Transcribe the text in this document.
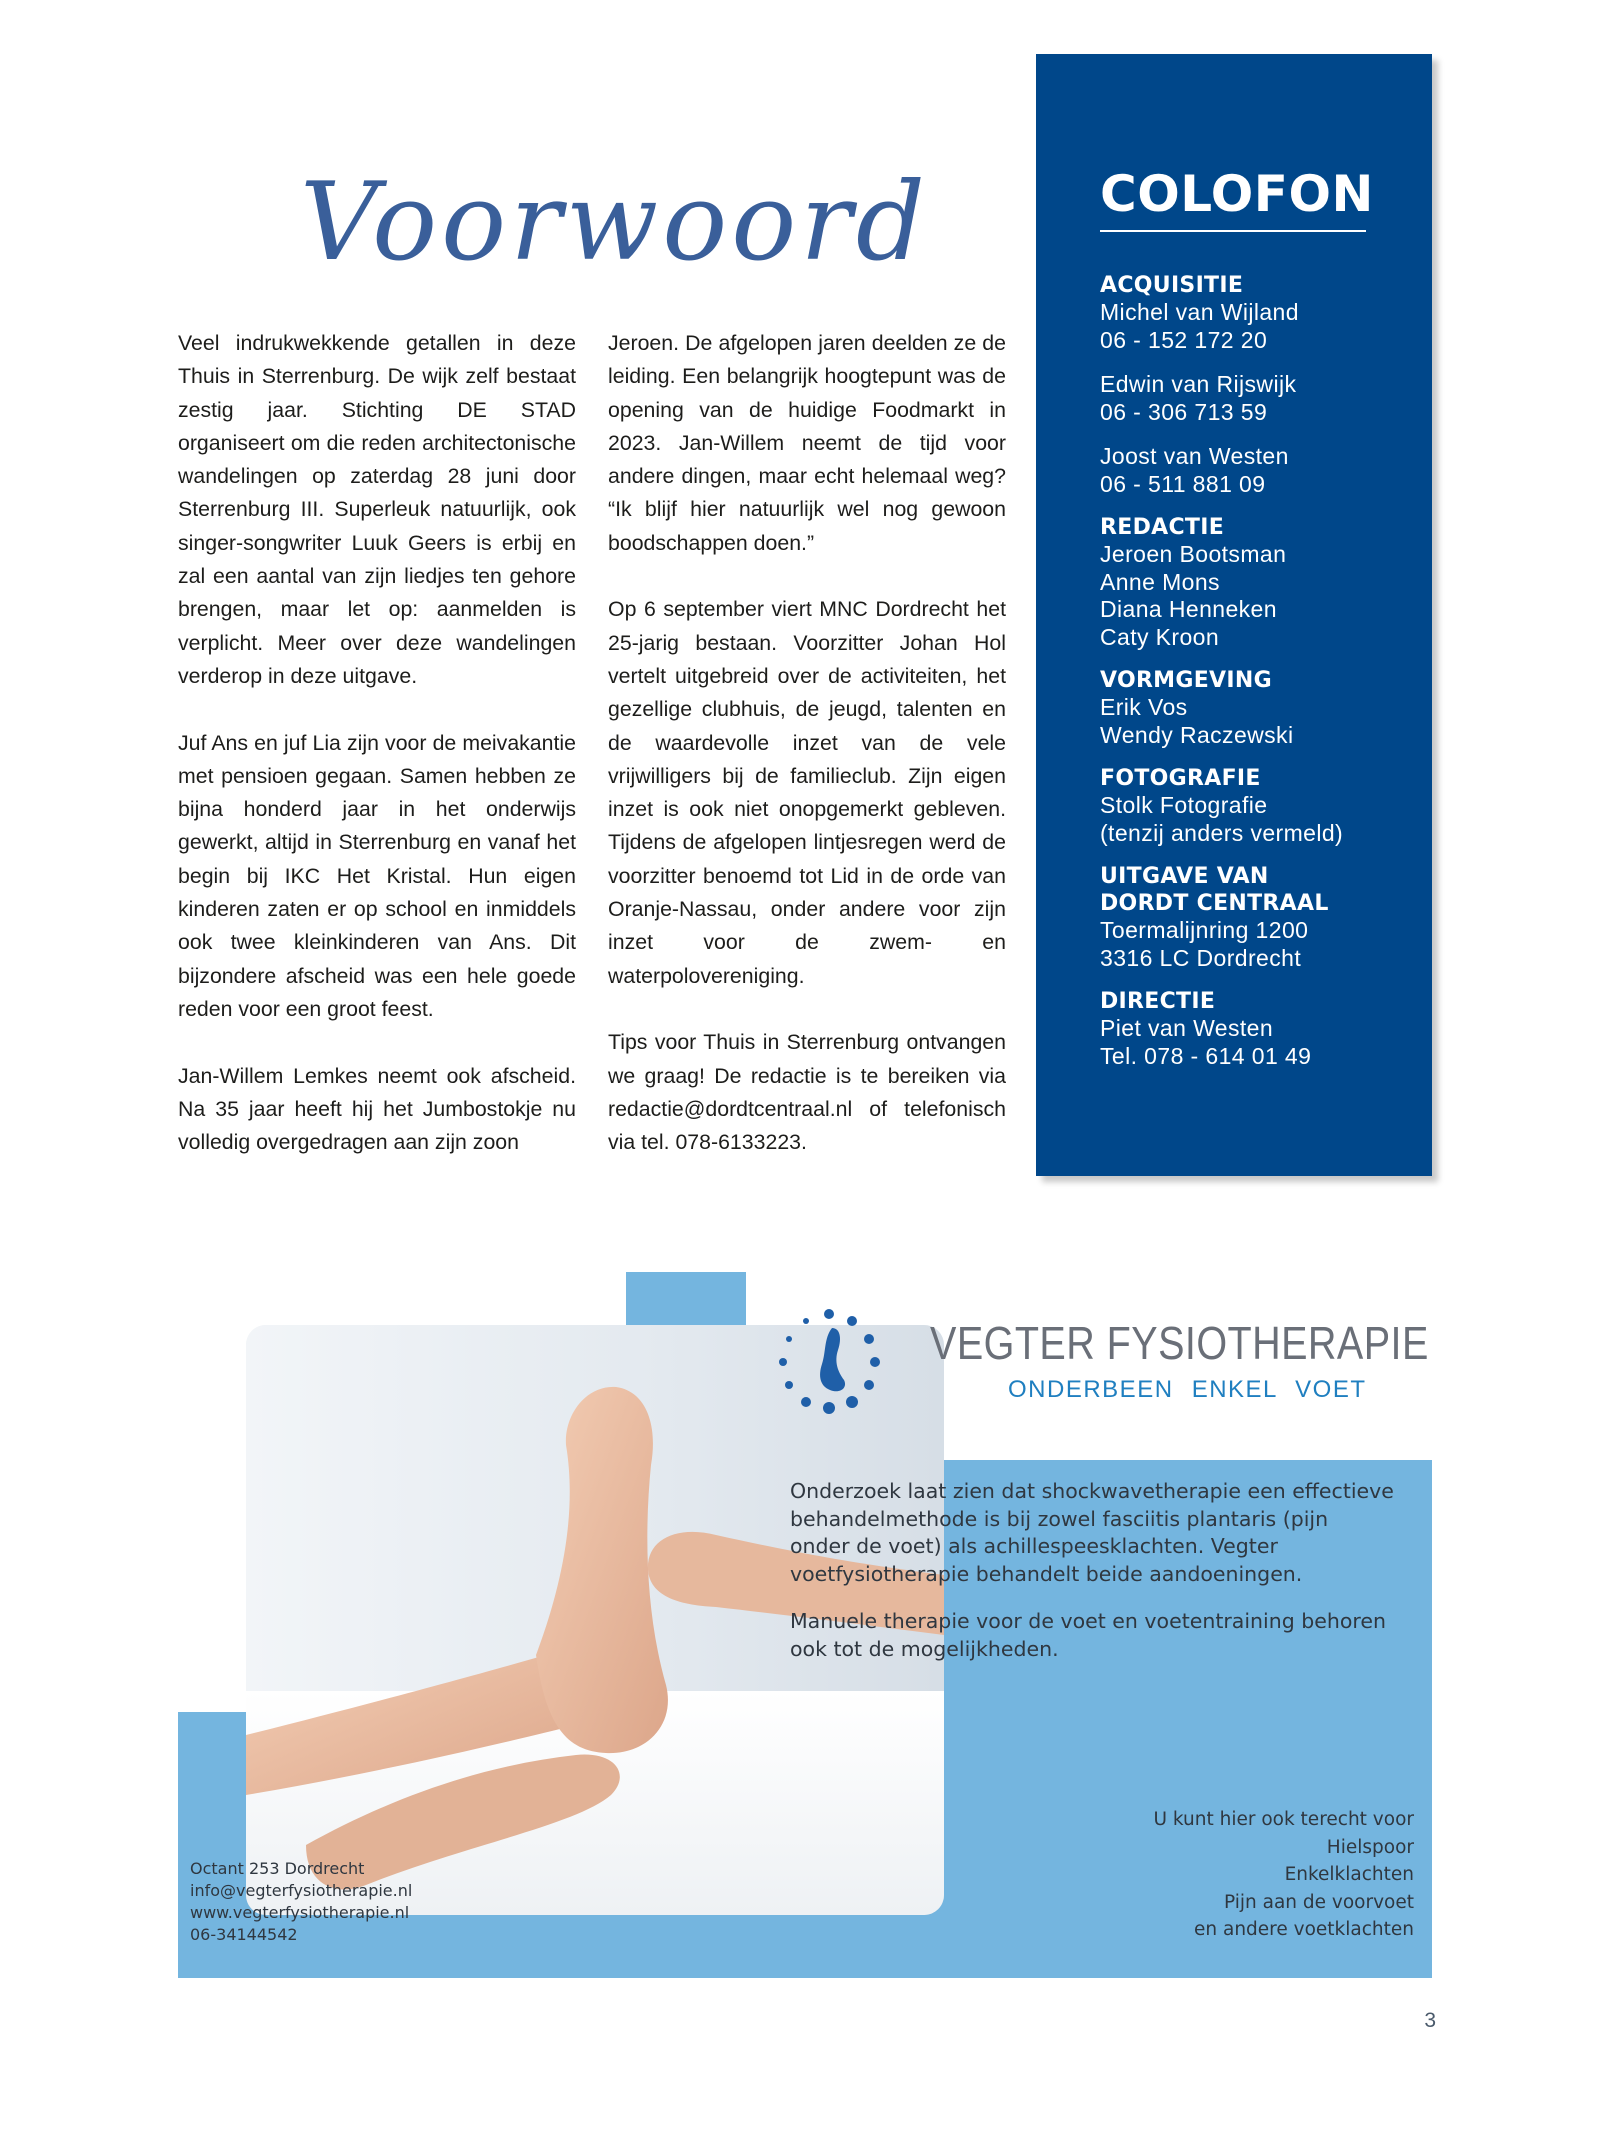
Voorwoord

Veel indrukwekkende getallen in deze Thuis in Sterrenburg. De wijk zelf bestaat zestig jaar. Stichting DE STAD organiseert om die reden architectonische wandelingen op zaterdag 28 juni door Sterrenburg III. Superleuk natuurlijk, ook singer-songwriter Luuk Geers is erbij en zal een aantal van zijn liedjes ten gehore brengen, maar let op: aanmelden is verplicht. Meer over deze wandelingen verderop in deze uitgave.

Juf Ans en juf Lia zijn voor de meivakantie met pensioen gegaan. Samen hebben ze bijna honderd jaar in het onderwijs gewerkt, altijd in Sterrenburg en vanaf het begin bij IKC Het Kristal. Hun eigen kinderen zaten er op school en inmiddels ook twee kleinkinderen van Ans. Dit bijzondere afscheid was een hele goede reden voor een groot feest.

Jan-Willem Lemkes neemt ook afscheid. Na 35 jaar heeft hij het Jumbostokje nu volledig overgedragen aan zijn zoon

Jeroen. De afgelopen jaren deelden ze de leiding. Een belangrijk hoogtepunt was de opening van de huidige Foodmarkt in 2023. Jan-Willem neemt de tijd voor andere dingen, maar echt helemaal weg? “Ik blijf hier natuurlijk wel nog gewoon boodschappen doen.”

Op 6 september viert MNC Dordrecht het 25-jarig bestaan. Voorzitter Johan Hol vertelt uitgebreid over de activiteiten, het gezellige clubhuis, de jeugd, talenten en de waardevolle inzet van de vele vrijwilligers bij de familieclub. Zijn eigen inzet is ook niet onopgemerkt gebleven. Tijdens de afgelopen lintjesregen werd de voorzitter benoemd tot Lid in de orde van Oranje-Nassau, onder andere voor zijn inzet voor de zwem- en waterpolovereniging.

Tips voor Thuis in Sterrenburg ontvangen we graag! De redactie is te bereiken via redactie@dordtcentraal.nl of telefonisch via tel. 078-6133223.

COLOFON
ACQUISITIE
Michel van Wijland
06 - 152 172 20
Edwin van Rijswijk
06 - 306 713 59
Joost van Westen
06 - 511 881 09
REDACTIE
Jeroen Bootsman
Anne Mons
Diana Henneken
Caty Kroon
VORMGEVING
Erik Vos
Wendy Raczewski
FOTOGRAFIE
Stolk Fotografie
(tenzij anders vermeld)
UITGAVE VAN
DORDT CENTRAAL
Toermalijnring 1200
3316 LC Dordrecht
DIRECTIE
Piet van Westen
Tel. 078 - 614 01 49
VEGTER FYSIOTHERAPIE
ONDERBEEN ENKEL VOET

Onderzoek laat zien dat shockwavetherapie een effectieve behandelmethode is bij zowel fasciitis plantaris (pijn onder de voet) als achillespeesklachten. Vegter voetfysiotherapie behandelt beide aandoeningen.

Manuele therapie voor de voet en voetentraining behoren ook tot de mogelijkheden.

U kunt hier ook terecht voor
Hielspoor
Enkelklachten
Pijn aan de voorvoet
en andere voetklachten
Octant 253 Dordrecht
info@vegterfysiotherapie.nl
www.vegterfysiotherapie.nl
06-34144542
3
